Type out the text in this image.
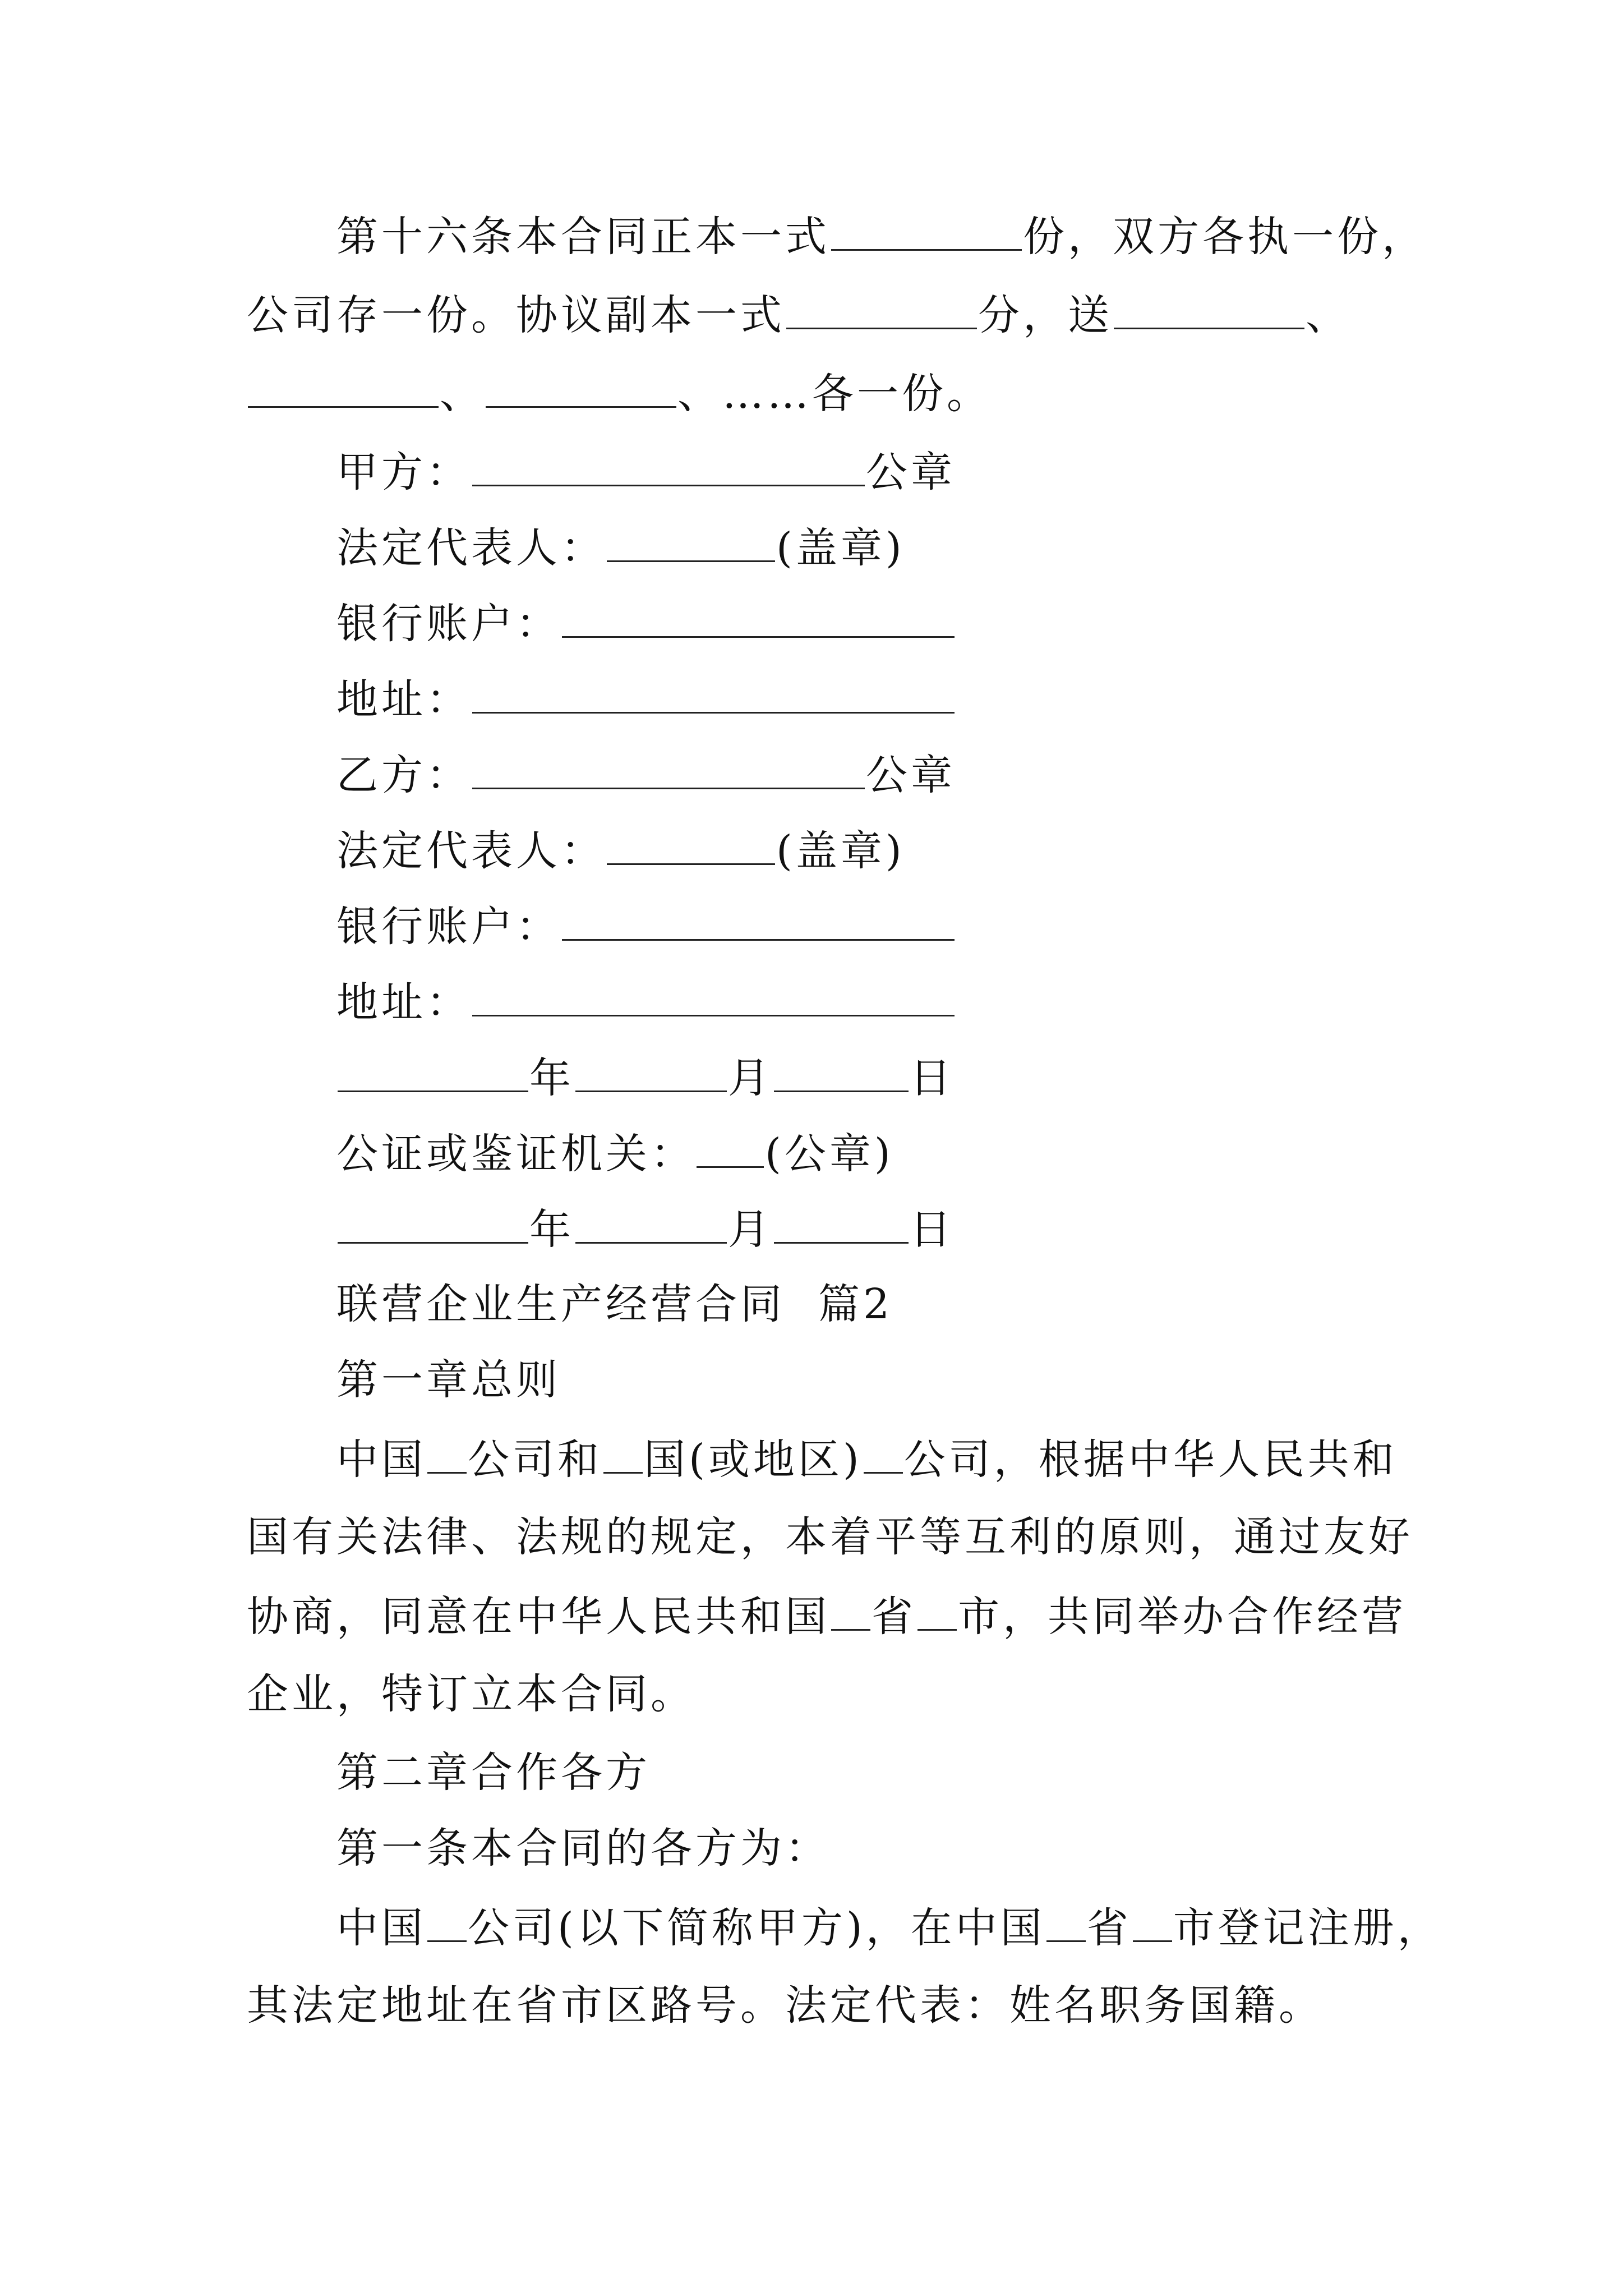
第十六条本合同正本一式	份，双方各执一份，
公司存一份。协议副本一式	分，送	、
、	、……各一份。
甲方：	公章
法定代表人：	(盖章)
银行账户：
地址：
乙方：	公章
法定代表人：	(盖章)
银行账户：
地址：
年	月	日
公证或鉴证机关： (公章)
年	月	日
联营企业生产经营合同  篇2
第一章总则
中国 公司和 国(或地区) 公司，根据中华人民共和
国有关法律、法规的规定，本着平等互利的原则，通过友好
协商，同意在中华人民共和国 省 市，共同举办合作经营
企业，特订立本合同。
第二章合作各方
第一条本合同的各方为：
中国 公司(以下简称甲方)，在中国 省 市登记注册，
其法定地址在省市区路号。法定代表：姓名职务国籍。
